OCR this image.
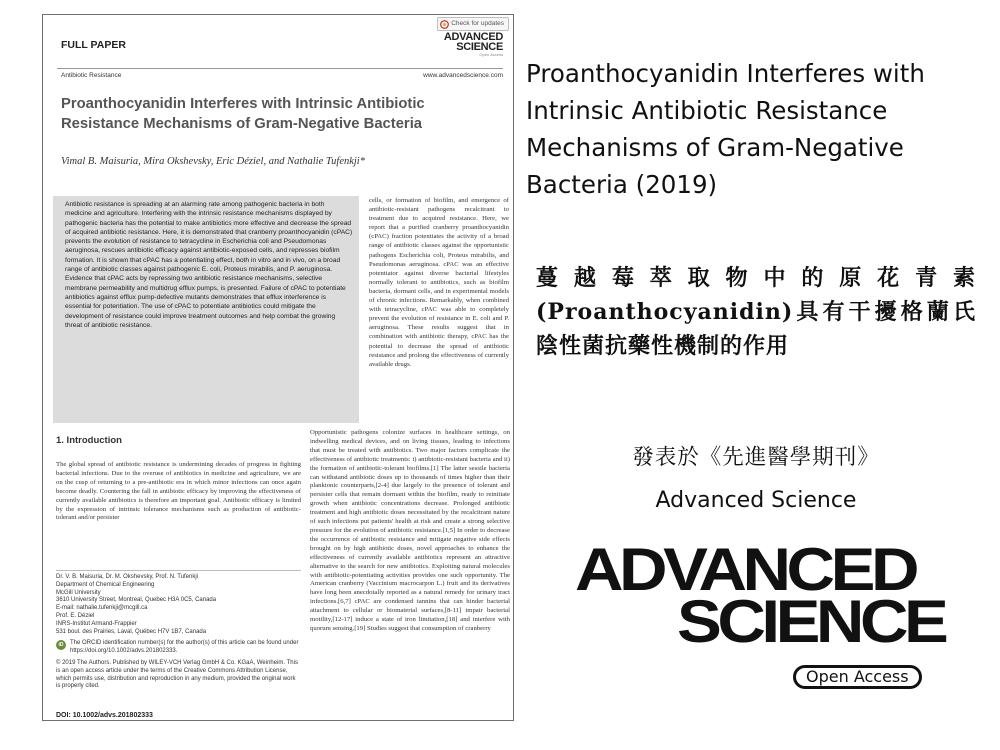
Check for updates
FULL PAPER
ADVANCED
SCIENCE
Open Access
Antibiotic Resistance	www.advancedscience.com
Proanthocyanidin Interferes with Intrinsic Antibiotic Resistance Mechanisms of Gram-Negative Bacteria
Vimal B. Maisuria, Mira Okshevsky, Eric Déziel, and Nathalie Tufenkji*
Antibiotic resistance is spreading at an alarming rate among pathogenic bacteria in both medicine and agriculture. Interfering with the intrinsic resistance mechanisms displayed by pathogenic bacteria has the potential to make antibiotics more effective and decrease the spread of acquired antibiotic resistance. Here, it is demonstrated that cranberry proanthocyanidin (cPAC) prevents the evolution of resistance to tetracycline in Escherichia coli and Pseudomonas aeruginosa, rescues antibiotic efficacy against antibiotic-exposed cells, and represses biofilm formation. It is shown that cPAC has a potentiating effect, both in vitro and in vivo, on a broad range of antibiotic classes against pathogenic E. coli, Proteus mirabilis, and P. aeruginosa. Evidence that cPAC acts by repressing two antibiotic resistance mechanisms, selective membrane permeability and multidrug efflux pumps, is presented. Failure of cPAC to potentiate antibiotics against efflux pump-defective mutants demonstrates that efflux interference is essential for potentiation. The use of cPAC to potentiate antibiotics could mitigate the development of resistance could improve treatment outcomes and help combat the growing threat of antibiotic resistance.
cells, or formation of biofilm, and emergence of antibiotic-resistant pathogens recalcitrant to treatment due to acquired resistance. Here, we report that a purified cranberry proanthocyanidin (cPAC) fraction potentiates the activity of a broad range of antibiotic classes against the opportunistic pathogens Escherichia coli, Proteus mirabilis, and Pseudomonas aeruginosa. cPAC was an effective potentiator against diverse bacterial lifestyles normally tolerant to antibiotics, such as biofilm bacteria, dormant cells, and in experimental models of chronic infections. Remarkably, when combined with tetracycline, cPAC was able to completely prevent the evolution of resistance in E. coli and P. aeruginosa. These results suggest that in combination with antibiotic therapy, cPAC has the potential to decrease the spread of antibiotic resistance and prolong the effectiveness of currently available drugs.
1. Introduction
The global spread of antibiotic resistance is undermining decades of progress in fighting bacterial infections. Due to the overuse of antibiotics in medicine and agriculture, we are on the cusp of returning to a pre-antibiotic era in which minor infections can once again become deadly. Countering the fall in antibiotic efficacy by improving the effectiveness of currently available antibiotics is therefore an important goal. Antibiotic efficacy is limited by the expression of intrinsic tolerance mechanisms such as production of antibiotic-tolerant and/or persister
Opportunistic pathogens colonize surfaces in healthcare settings, on indwelling medical devices, and on living tissues, leading to infections that must be treated with antibiotics. Two major factors complicate the effectiveness of antibiotic treatments: i) antibiotic-resistant bacteria and ii) the formation of antibiotic-tolerant biofilms.[1] The latter sessile bacteria can withstand antibiotic doses up to thousands of times higher than their planktonic counterparts,[2-4] due largely to the presence of tolerant and persister cells that remain dormant within the biofilm, ready to reinitiate growth when antibiotic concentrations decrease. Prolonged antibiotic treatment and high antibiotic doses necessitated by the recalcitrant nature of such infections put patients' health at risk and create a strong selective pressure for the evolution of antibiotic resistance.[1,5] In order to decrease the occurrence of antibiotic resistance and mitigate negative side effects brought on by high antibiotic doses, novel approaches to enhance the effectiveness of currently available antibiotics represent an attractive alternative to the search for new antibiotics. Exploiting natural molecules with antibiotic-potentiating activities provides one such opportunity. The American cranberry (Vaccinium macrocarpon L.) fruit and its derivatives have long been anecdotally reported as a natural remedy for urinary tract infections.[6,7] cPAC are condensed tannins that can hinder bacterial attachment to cellular or biomaterial surfaces,[8-11] impair bacterial motility,[12-17] induce a state of iron limitation,[18] and interfere with quorum sensing.[19] Studies suggest that consumption of cranberry
Dr. V. B. Maisuria, Dr. M. Okshevsky, Prof. N. Tufenkji
Department of Chemical Engineering
McGill University
3610 University Street, Montreal, Quebec H3A 0C5, Canada
E-mail: nathalie.tufenkji@mcgill.ca
Prof. E. Déziel
INRS-Institut Armand-Frappier
531 boul. des Prairies, Laval, Québec H7V 1B7, Canada
iD	The ORCID identification number(s) for the author(s) of this article can be found under https://doi.org/10.1002/advs.201802333.
© 2019 The Authors. Published by WILEY-VCH Verlag GmbH & Co. KGaA, Weinheim. This is an open access article under the terms of the Creative Commons Attribution License, which permits use, distribution and reproduction in any medium, provided the original work is properly cited.
DOI: 10.1002/advs.201802333
Proanthocyanidin Interferes with Intrinsic Antibiotic Resistance Mechanisms of Gram-Negative Bacteria (2019)
蔓越莓萃取物中的原花青素(Proanthocyanidin)具有干擾格蘭氏陰性菌抗藥性機制的作用
發表於《先進醫學期刊》
Advanced Science
ADVANCED
SCIENCE
Open Access
